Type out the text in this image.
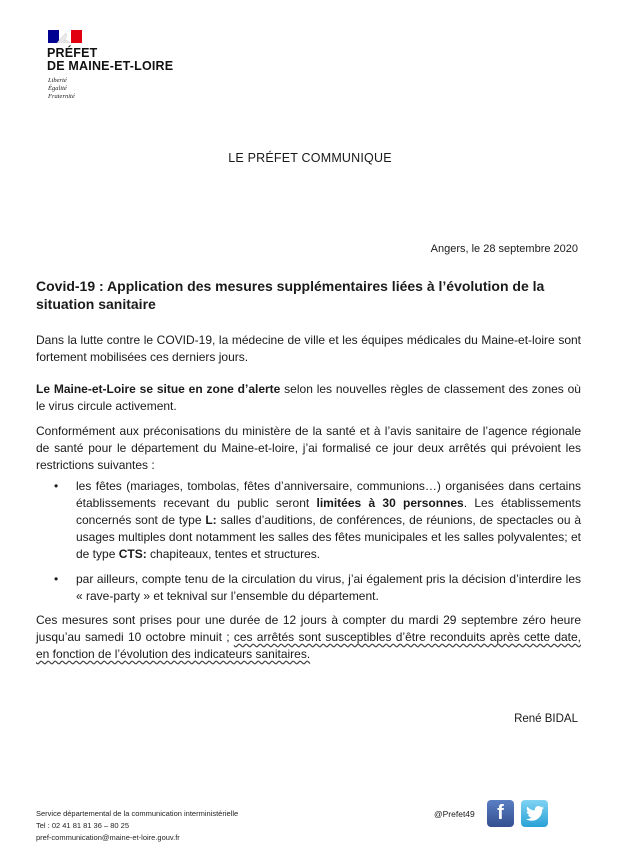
PRÉFET
DE MAINE-ET-LOIRE
Liberté
Égalité
Fraternité
LE PRÉFET COMMUNIQUE
Angers, le 28 septembre 2020
Covid-19 : Application des mesures supplémentaires liées à l’évolution de la situation sanitaire
Dans la lutte contre le COVID-19, la médecine de ville et les équipes médicales du Maine-et-loire sont fortement mobilisées ces derniers jours.
Le Maine-et-Loire se situe en zone d’alerte selon les nouvelles règles de classement des zones où le virus circule activement.
Conformément aux préconisations du ministère de la santé et à l’avis sanitaire de l’agence régionale de santé pour le département du Maine-et-loire, j’ai formalisé ce jour deux arrêtés qui prévoient les restrictions suivantes :
• les fêtes (mariages, tombolas, fêtes d’anniversaire, communions…) organisées dans certains établissements recevant du public seront limitées à 30 personnes. Les établissements concernés sont de type L: salles d’auditions, de conférences, de réunions, de spectacles ou à usages multiples dont notamment les salles des fêtes municipales et les salles polyvalentes; et de type CTS: chapiteaux, tentes et structures.
• par ailleurs, compte tenu de la circulation du virus, j’ai également pris la décision d’interdire les « rave-party » et teknival sur l’ensemble du département.
Ces mesures sont prises pour une durée de 12 jours à compter du mardi 29 septembre zéro heure jusqu’au samedi 10 octobre minuit ; ces arrêtés sont susceptibles d’être reconduits après cette date, en fonction de l’évolution des indicateurs sanitaires.
René BIDAL
Service départemental de la communication interministérielle
Tel : 02 41 81 81 36 – 80 25
pref-communication@maine-et-loire.gouv.fr
@Prefet49	f
